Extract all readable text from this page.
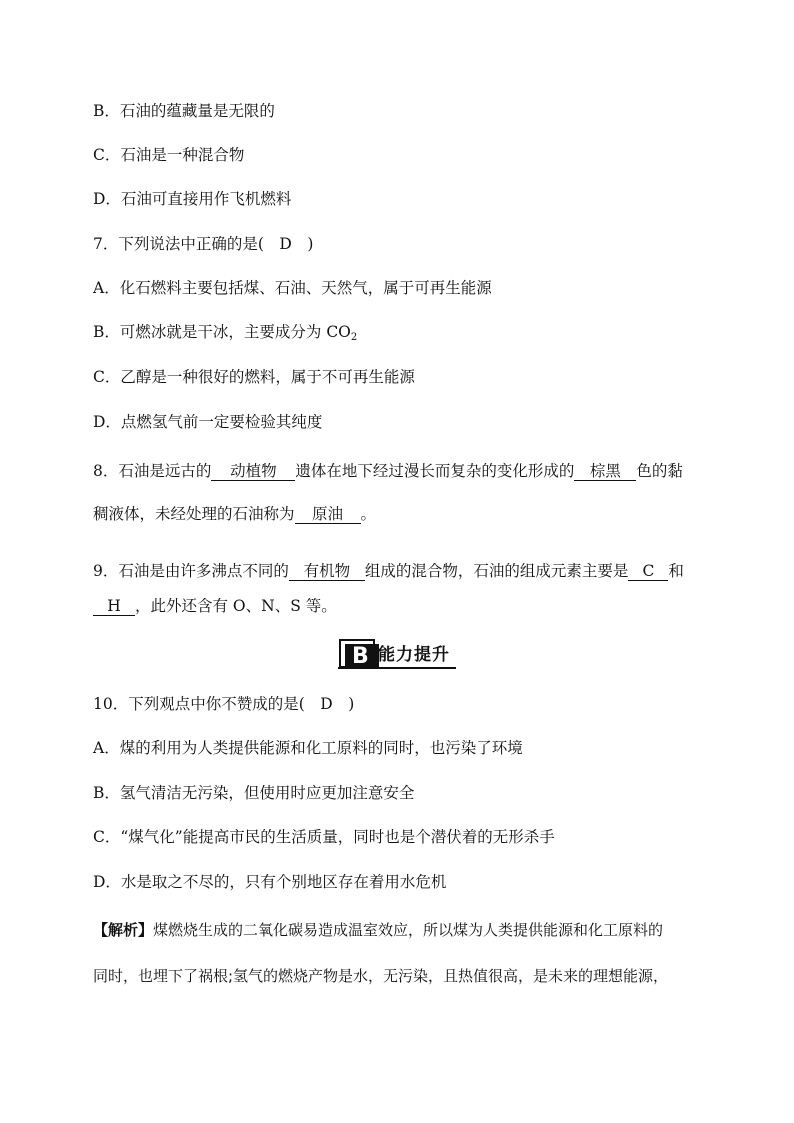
B．石油的蕴藏量是无限的
C．石油是一种混合物
D．石油可直接用作飞机燃料
7．下列说法中正确的是(　D　)
A．化石燃料主要包括煤、石油、天然气，属于可再生能源
B．可燃冰就是干冰，主要成分为 $CO_2$
C．乙醇是一种很好的燃料，属于不可再生能源
D．点燃氢气前一定要检验其纯度
8．石油是远古的 动植物 遗体在地下经过漫长而复杂的变化形成的 棕黑 色的黏
稠液体，未经处理的石油称为 原油 。
9．石油是由许多沸点不同的 有机物 组成的混合物，石油的组成元素主要是 C 和
H ，此外还含有 O、N、S 等。
B 能力提升
10．下列观点中你不赞成的是(　D　)
A．煤的利用为人类提供能源和化工原料的同时，也污染了环境
B．氢气清洁无污染，但使用时应更加注意安全
C．“煤气化”能提高市民的生活质量，同时也是个潜伏着的无形杀手
D．水是取之不尽的，只有个别地区存在着用水危机
【解析】煤燃烧生成的二氧化碳易造成温室效应，所以煤为人类提供能源和化工原料的
同时，也埋下了祸根;氢气的燃烧产物是水，无污染，且热值很高，是未来的理想能源，
